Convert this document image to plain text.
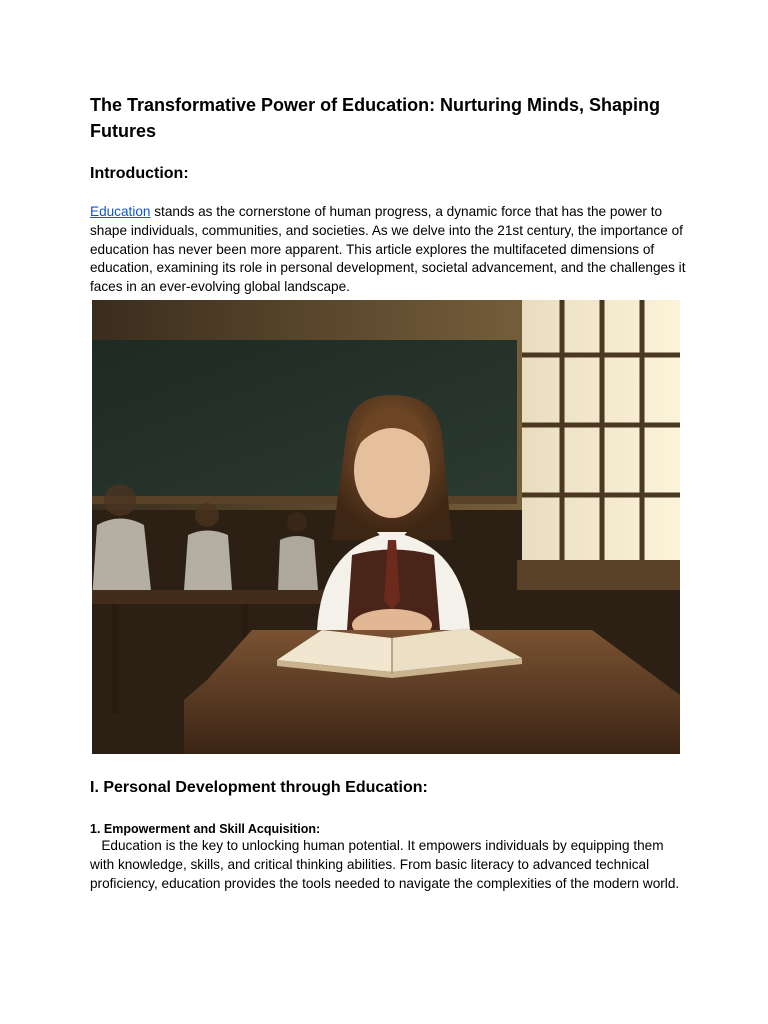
The Transformative Power of Education: Nurturing Minds, Shaping Futures
Introduction:

Education stands as the cornerstone of human progress, a dynamic force that has the power to shape individuals, communities, and societies. As we delve into the 21st century, the importance of education has never been more apparent. This article explores the multifaceted dimensions of education, examining its role in personal development, societal advancement, and the challenges it faces in an ever-evolving global landscape.

I. Personal Development through Education:
1. Empowerment and Skill Acquisition:

Education is the key to unlocking human potential. It empowers individuals by equipping them with knowledge, skills, and critical thinking abilities. From basic literacy to advanced technical proficiency, education provides the tools needed to navigate the complexities of the modern world.
